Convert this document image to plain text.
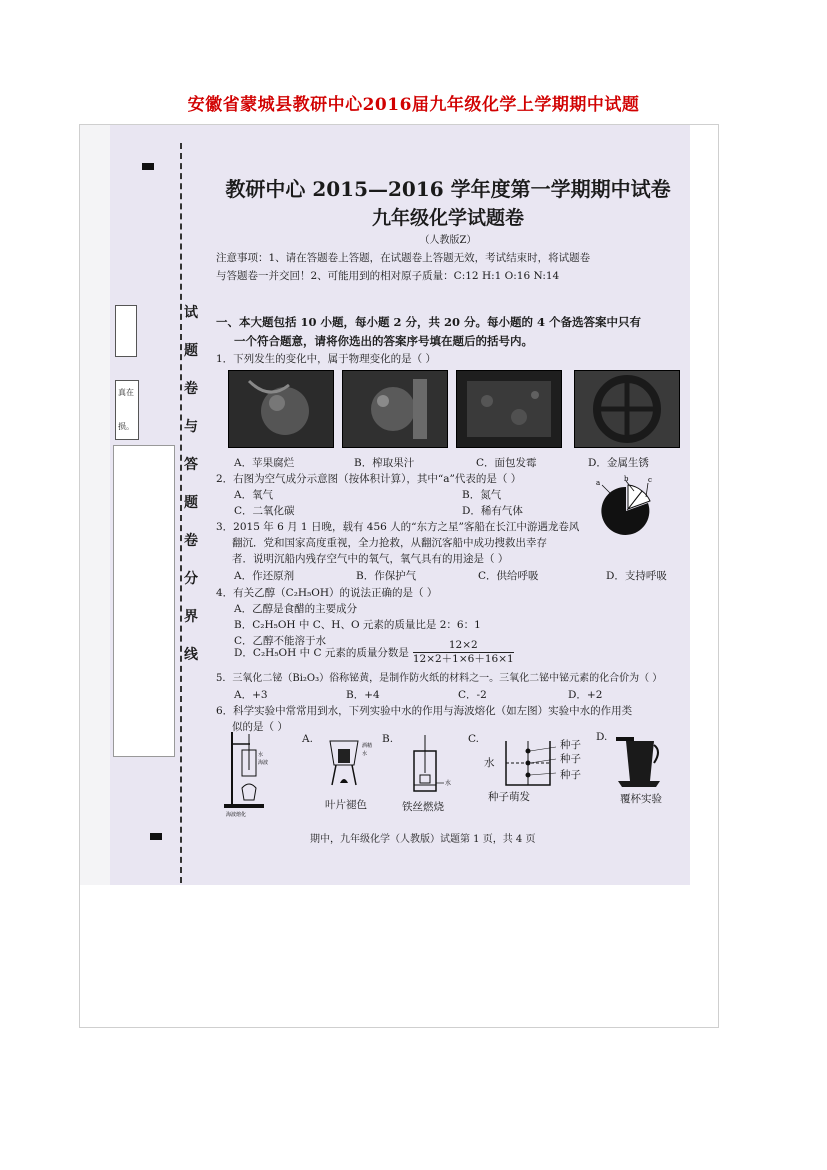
安徽省蒙城县教研中心2016届九年级化学上学期期中试题
真在
损。
试
题
卷
与
答
题
卷
分
界
线
教研中心 2015—2016 学年度第一学期期中试卷
九年级化学试题卷
（人教版Z）
注意事项：1、请在答题卷上答题，在试题卷上答题无效，考试结束时，将试题卷
与答题卷一并交回！2、可能用到的相对原子质量：C:12 H:1 O:16 N:14
一、本大题包括 10 小题，每小题 2 分，共 20 分。每小题的 4 个备选答案中只有
一个符合题意，请将你选出的答案序号填在题后的括号内。
1．下列发生的变化中，属于物理变化的是（ ）
A．苹果腐烂	B．榨取果汁	C．面包发霉	D．金属生锈
2．右图为空气成分示意图（按体积计算），其中“a”代表的是（ ）
A．氧气	B．氮气
C．二氧化碳	D．稀有气体
a	b	c
3．2015 年 6 月 1 日晚，载有 456 人的“东方之星”客船在长江中游遇龙卷风
翻沉．党和国家高度重视，全力抢救，从翻沉客船中成功搜救出幸存
者．说明沉船内残存空气中的氧气，氧气具有的用途是（ ）
A．作还原剂	B．作保护气	C．供给呼吸	D．支持呼吸
4．有关乙醇（C₂H₅OH）的说法正确的是（ ）
A．乙醇是食醋的主要成分
B．C₂H₅OH 中 C、H、O 元素的质量比是 2：6：1
C．乙醇不能溶于水
D．C₂H₅OH 中 C 元素的质量分数是 $\frac{12\times 2}{12\times 2+1\times 6+16\times 1}$
5．三氧化二铋（Bi₂O₃）俗称铋黄，是制作防火纸的材料之一。三氧化二铋中铋元素的化合价为（ ）
A．+3	B．+4	C．-2	D．+2
6．科学实验中常常用到水，下列实验中水的作用与海波熔化（如左图）实验中水的作用类
似的是（ ）
水
海波
海波熔化
A.
酒精
水
叶片褪色
B.
水
铁丝燃烧
C.
水
种子
种子
种子
种子萌发
D.
覆杯实验
期中，九年级化学（人教版）试题第 1 页，共 4 页
